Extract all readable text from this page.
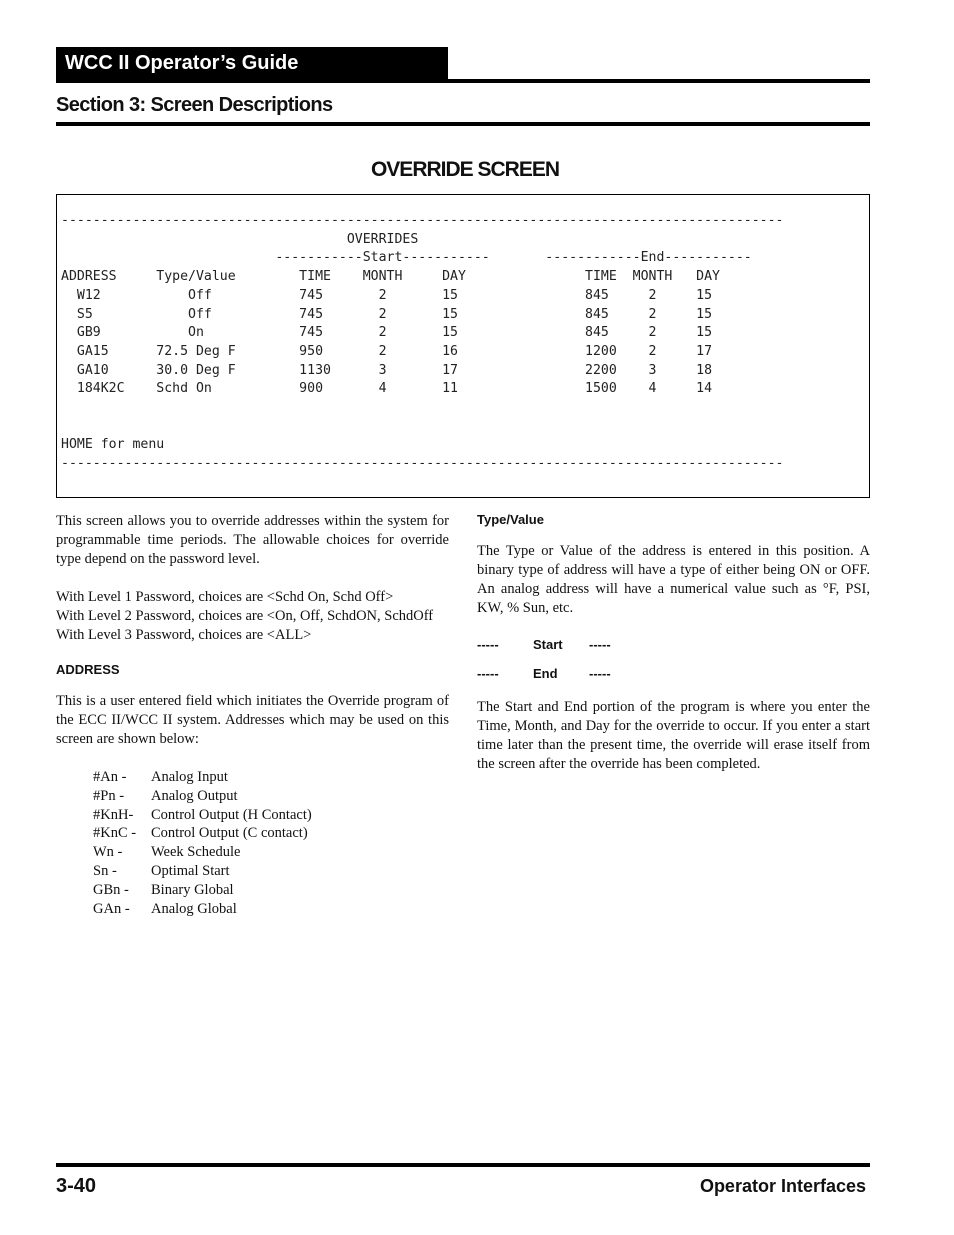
WCC II Operator’s Guide
Section 3: Screen Descriptions
OVERRIDE SCREEN
-------------------------------------------------------------------------------------------
OVERRIDES
-----------Start-----------       ------------End-----------
ADDRESS     Type/Value        TIME    MONTH     DAY               TIME  MONTH   DAY
W12           Off           745       2       15                845     2     15
S5            Off           745       2       15                845     2     15
GB9           On            745       2       15                845     2     15
GA15      72.5 Deg F        950       2       16                1200    2     17
GA10      30.0 Deg F        1130      3       17                2200    3     18
184K2C    Schd On           900       4       11                1500    4     14

HOME for menu
-------------------------------------------------------------------------------------------

This screen allows you to override addresses within the system for programmable time periods. The allowable choices for override type depend on the password level.

With Level 1 Password, choices are <Schd On, Schd Off>
With Level 2 Password, choices are <On, Off, SchdON, SchdOff
With Level 3 Password, choices are <ALL>
ADDRESS

This is a user entered field which initiates the Override program of the ECC II/WCC II system. Addresses which may be used on this screen are shown below:

#An -	Analog Input
#Pn -	Analog Output
#KnH-	Control Output (H Contact)
#KnC -	Control Output (C contact)
Wn -	Week Schedule
Sn -	Optimal Start
GBn -	Binary Global
GAn -	Analog Global
Type/Value

The Type or Value of the address is entered in this position. A binary type of address will have a type of either being ON or OFF. An analog address will have a numerical value such as °F, PSI, KW, % Sun, etc.

-----	Start	-----
-----	End	-----

The Start and End portion of the program is where you enter the Time, Month, and Day for the override to occur. If you enter a start time later than the present time, the override will erase itself from the screen after the override has been completed.

3-40	Operator Interfaces
